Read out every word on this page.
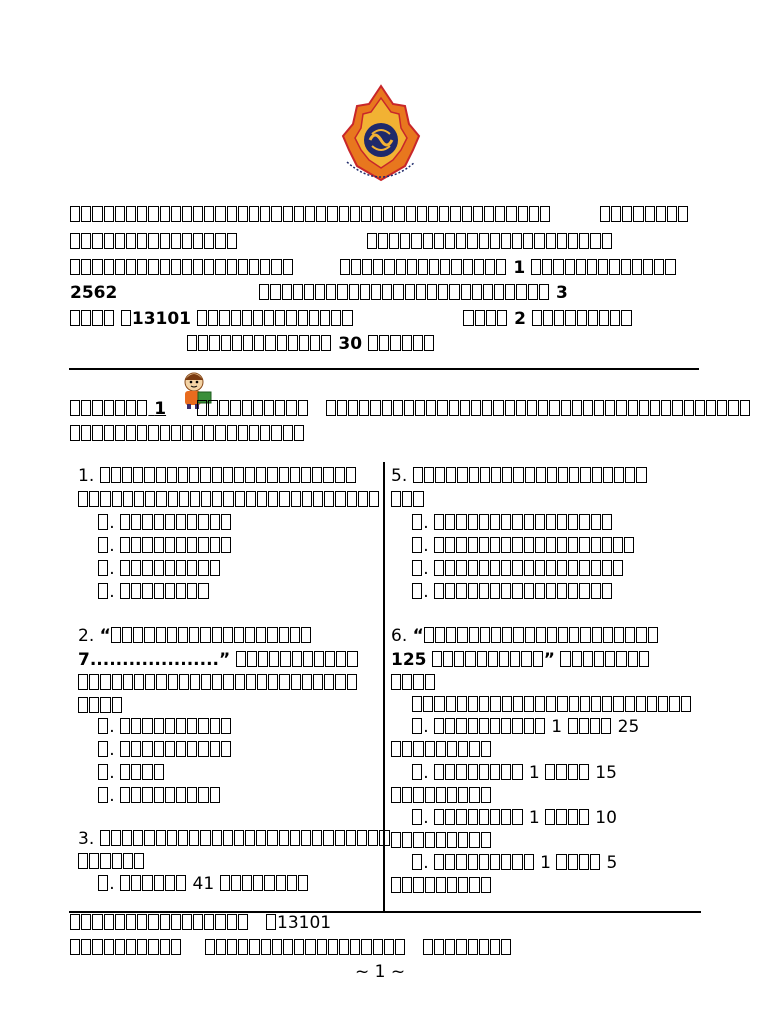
1
2562	3
13101	2
30
1
1.
.
.
.
.
2. “
7....................”
.
.
.
.
3.
.	41
5.
.
.
.
.
6. “
125	”
.	1	25
.	1	15
.	1	10
.	1	5
13101

~ 1 ~
